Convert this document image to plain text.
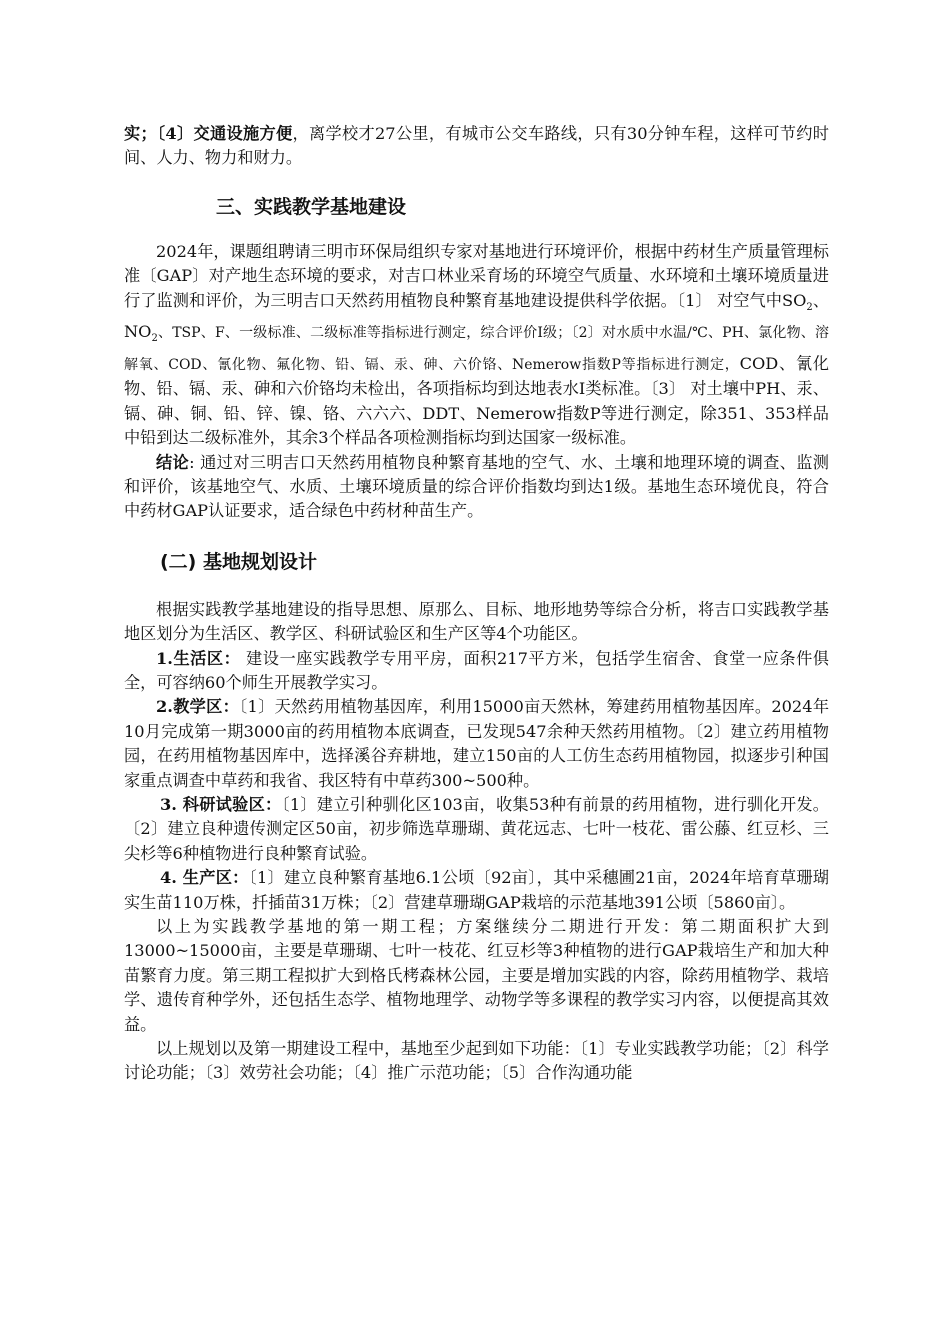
实；〔4〕交通设施方便，离学校才27公里，有城市公交车路线，只有30分钟车程，这样可节约时间、人力、物力和财力。

三、实践教学基地建设

2024年，课题组聘请三明市环保局组织专家对基地进行环境评价，根据中药材生产质量管理标准〔GAP〕对产地生态环境的要求，对吉口林业采育场的环境空气质量、水环境和土壤环境质量进行了监测和评价，为三明吉口天然药用植物良种繁育基地建设提供科学依据。〔1〕 对空气中$SO_2$、$NO_2$、TSP、F、一级标准、二级标准等指标进行测定，综合评价I级；〔2〕对水质中水温/℃、PH、氯化物、溶解氧、COD、氰化物、氟化物、铅、镉、汞、砷、六价铬、Nemerow指数P等指标进行测定，COD、氰化物、铅、镉、汞、砷和六价铬均未检出，各项指标均到达地表水Ⅰ类标准。〔3〕 对土壤中PH、汞、镉、砷、铜、铅、锌、镍、铬、六六六、DDT、Nemerow指数P等进行测定，除351、353样品中铅到达二级标准外，其余3个样品各项检测指标均到达国家一级标准。

结论: 通过对三明吉口天然药用植物良种繁育基地的空气、水、土壤和地理环境的调查、监测和评价，该基地空气、水质、土壤环境质量的综合评价指数均到达1级。基地生态环境优良，符合中药材GAP认证要求，适合绿色中药材种苗生产。

(二) 基地规划设计

根据实践教学基地建设的指导思想、原那么、目标、地形地势等综合分析，将吉口实践教学基地区划分为生活区、教学区、科研试验区和生产区等4个功能区。

1.生活区： 建设一座实践教学专用平房，面积217平方米，包括学生宿舍、食堂一应条件俱全，可容纳60个师生开展教学实习。

2.教学区：〔1〕天然药用植物基因库，利用15000亩天然林，筹建药用植物基因库。2024年10月完成第一期3000亩的药用植物本底调查，已发现547余种天然药用植物。〔2〕建立药用植物园，在药用植物基因库中，选择溪谷弃耕地，建立150亩的人工仿生态药用植物园，拟逐步引种国家重点调查中草药和我省、我区特有中草药300~500种。

3. 科研试验区：〔1〕建立引种驯化区103亩，收集53种有前景的药用植物，进行驯化开发。〔2〕建立良种遗传测定区50亩，初步筛选草珊瑚、黄花远志、七叶一枝花、雷公藤、红豆杉、三尖杉等6种植物进行良种繁育试验。

4. 生产区：〔1〕建立良种繁育基地6.1公顷〔92亩〕，其中采穗圃21亩，2024年培育草珊瑚实生苗110万株，扦插苗31万株；〔2〕营建草珊瑚GAP栽培的示范基地391公顷〔5860亩〕。

以上为实践教学基地的第一期工程；方案继续分二期进行开发：第二期面积扩大到13000~15000亩，主要是草珊瑚、七叶一枝花、红豆杉等3种植物的进行GAP栽培生产和加大种苗繁育力度。第三期工程拟扩大到格氏栲森林公园，主要是增加实践的内容，除药用植物学、栽培学、遗传育种学外，还包括生态学、植物地理学、动物学等多课程的教学实习内容，以便提高其效益。

以上规划以及第一期建设工程中，基地至少起到如下功能：〔1〕专业实践教学功能；〔2〕科学讨论功能；〔3〕效劳社会功能；〔4〕推广示范功能；〔5〕合作沟通功能
